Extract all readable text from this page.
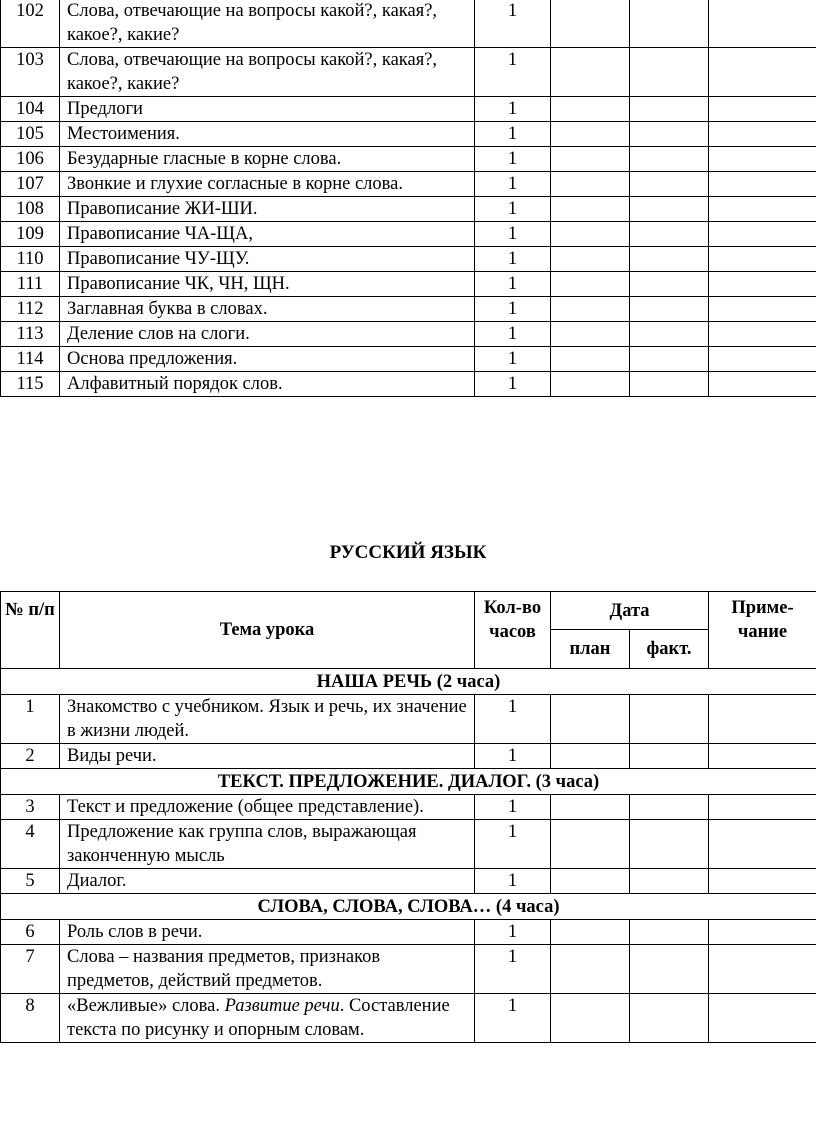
102	Слова, отвечающие на вопросы какой?, какая?, какое?, какие?	1			
103	Слова, отвечающие на вопросы какой?, какая?, какое?, какие?	1			
104	Предлоги	1			
105	Местоимения.	1			
106	Безударные гласные в корне слова.	1			
107	Звонкие и глухие согласные в корне слова.	1			
108	Правописание ЖИ-ШИ.	1			
109	Правописание ЧА-ЩА,	1			
110	Правописание ЧУ-ЩУ.	1			
111	Правописание ЧК, ЧН, ЩН.	1			
112	Заглавная буква в словах.	1			
113	Деление слов на слоги.	1			
114	Основа предложения.	1			
115	Алфавитный порядок слов.	1			
РУССКИЙ ЯЗЫК
№ п/п	Тема урока	Кол-во часов	Дата		Приме-чание
			план	факт.	
НАША РЕЧЬ (2 часа)					
1	Знакомство с учебником. Язык и речь, их значение в жизни людей.	1			
2	Виды речи.	1			
ТЕКСТ. ПРЕДЛОЖЕНИЕ. ДИАЛОГ. (3 часа)					
3	Текст и предложение (общее представление).	1			
4	Предложение как группа слов, выражающая законченную мысль	1			
5	Диалог.	1			
СЛОВА, СЛОВА, СЛОВА… (4 часа)					
6	Роль слов в речи.	1			
7	Слова – названия предметов, признаков предметов, действий предметов.	1			
8	«Вежливые» слова. Развитие речи. Составление текста по рисунку и опорным словам.	1			
